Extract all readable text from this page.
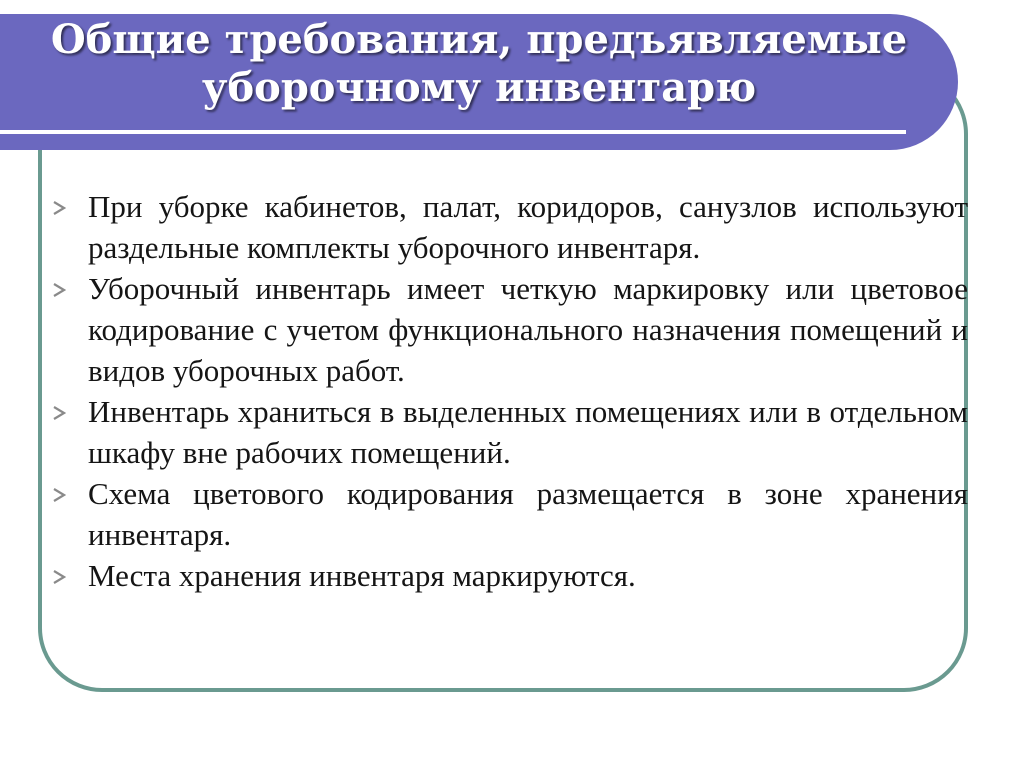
Общие требования, предъявляемые
уборочному инвентарю
При уборке кабинетов, палат, коридоров, санузлов используют раздельные комплекты уборочного инвентаря.
Уборочный инвентарь имеет четкую маркировку или цветовое кодирование с учетом функционального назначения помещений и видов уборочных работ.
Инвентарь храниться в выделенных помещениях или в отдельном шкафу вне рабочих помещений.
Схема цветового кодирования размещается в зоне хранения инвентаря.
Места хранения инвентаря маркируются.
